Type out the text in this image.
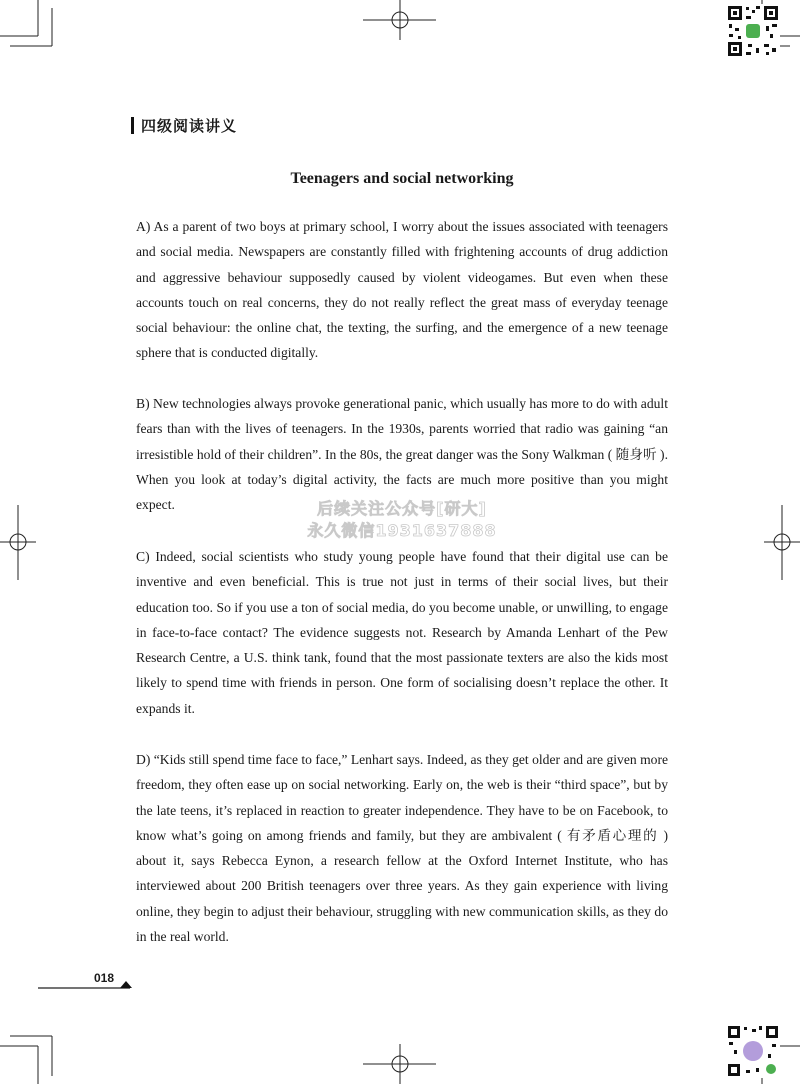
四级阅读讲义
Teenagers and social networking

A) As a parent of two boys at primary school, I worry about the issues associated with teenagers and social media. Newspapers are constantly filled with frightening accounts of drug addiction and aggressive behaviour supposedly caused by violent videogames. But even when these accounts touch on real concerns, they do not really reflect the great mass of everyday teenage social behaviour: the online chat, the texting, the surfing, and the emergence of a new teenage sphere that is conducted digitally.

B) New technologies always provoke generational panic, which usually has more to do with adult fears than with the lives of teenagers. In the 1930s, parents worried that radio was gaining “an irresistible hold of their children”. In the 80s, the great danger was the Sony Walkman ( 随身听 ). When you look at today’s digital activity, the facts are much more positive than you might expect.

C) Indeed, social scientists who study young people have found that their digital use can be inventive and even beneficial. This is true not just in terms of their social lives, but their education too. So if you use a ton of social media, do you become unable, or unwilling, to engage in face-to-face contact? The evidence suggests not. Research by Amanda Lenhart of the Pew Research Centre, a U.S. think tank, found that the most passionate texters are also the kids most likely to spend time with friends in person. One form of socialising doesn’t replace the other. It expands it.

D) “Kids still spend time face to face,” Lenhart says. Indeed, as they get older and are given more freedom, they often ease up on social networking. Early on, the web is their “third space”, but by the late teens, it’s replaced in reaction to greater independence. They have to be on Facebook, to know what’s going on among friends and family, but they are ambivalent ( 有矛盾心理的 ) about it, says Rebecca Eynon, a research fellow at the Oxford Internet Institute, who has interviewed about 200 British teenagers over three years. As they gain experience with living online, they begin to adjust their behaviour, struggling with new communication skills, as they do in the real world.

后续关注公众号[研大]
永久微信1931637888
018
